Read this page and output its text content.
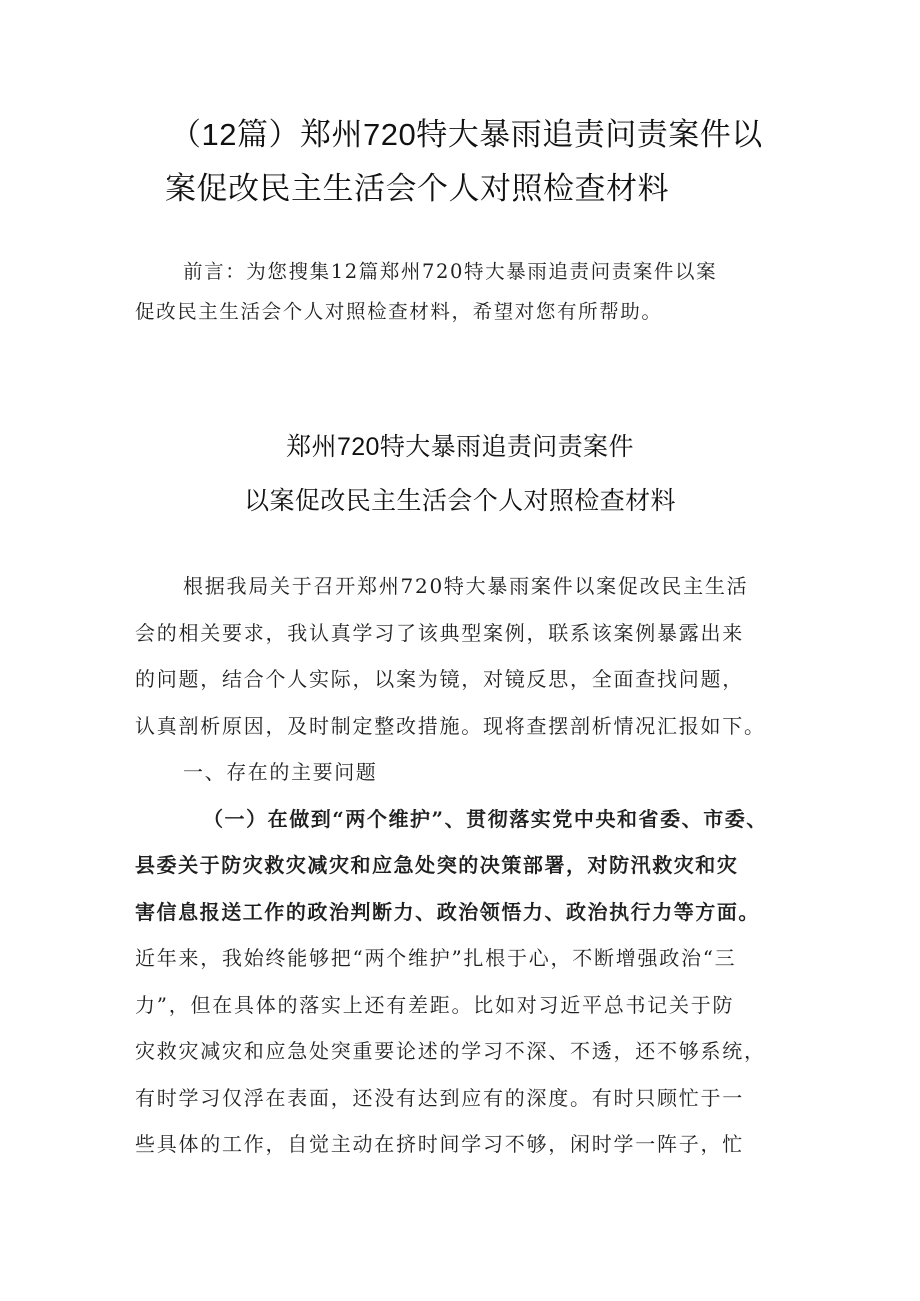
（12篇）郑州720特大暴雨追责问责案件以
案促改民主生活会个人对照检查材料

前言：为您搜集12篇郑州720特大暴雨追责问责案件以案
促改民主生活会个人对照检查材料，希望对您有所帮助。

郑州720特大暴雨追责问责案件
以案促改民主生活会个人对照检查材料
根据我局关于召开郑州720特大暴雨案件以案促改民主生活
会的相关要求，我认真学习了该典型案例，联系该案例暴露出来
的问题，结合个人实际，以案为镜，对镜反思，全面查找问题，
认真剖析原因，及时制定整改措施。现将查摆剖析情况汇报如下。
一、存在的主要问题
（一）在做到“两个维护”、贯彻落实党中央和省委、市委、
县委关于防灾救灾减灾和应急处突的决策部署，对防汛救灾和灾
害信息报送工作的政治判断力、政治领悟力、政治执行力等方面。
近年来，我始终能够把“两个维护”扎根于心，不断增强政治“三
力”，但在具体的落实上还有差距。比如对习近平总书记关于防
灾救灾减灾和应急处突重要论述的学习不深、不透，还不够系统，
有时学习仅浮在表面，还没有达到应有的深度。有时只顾忙于一
些具体的工作，自觉主动在挤时间学习不够，闲时学一阵子，忙
